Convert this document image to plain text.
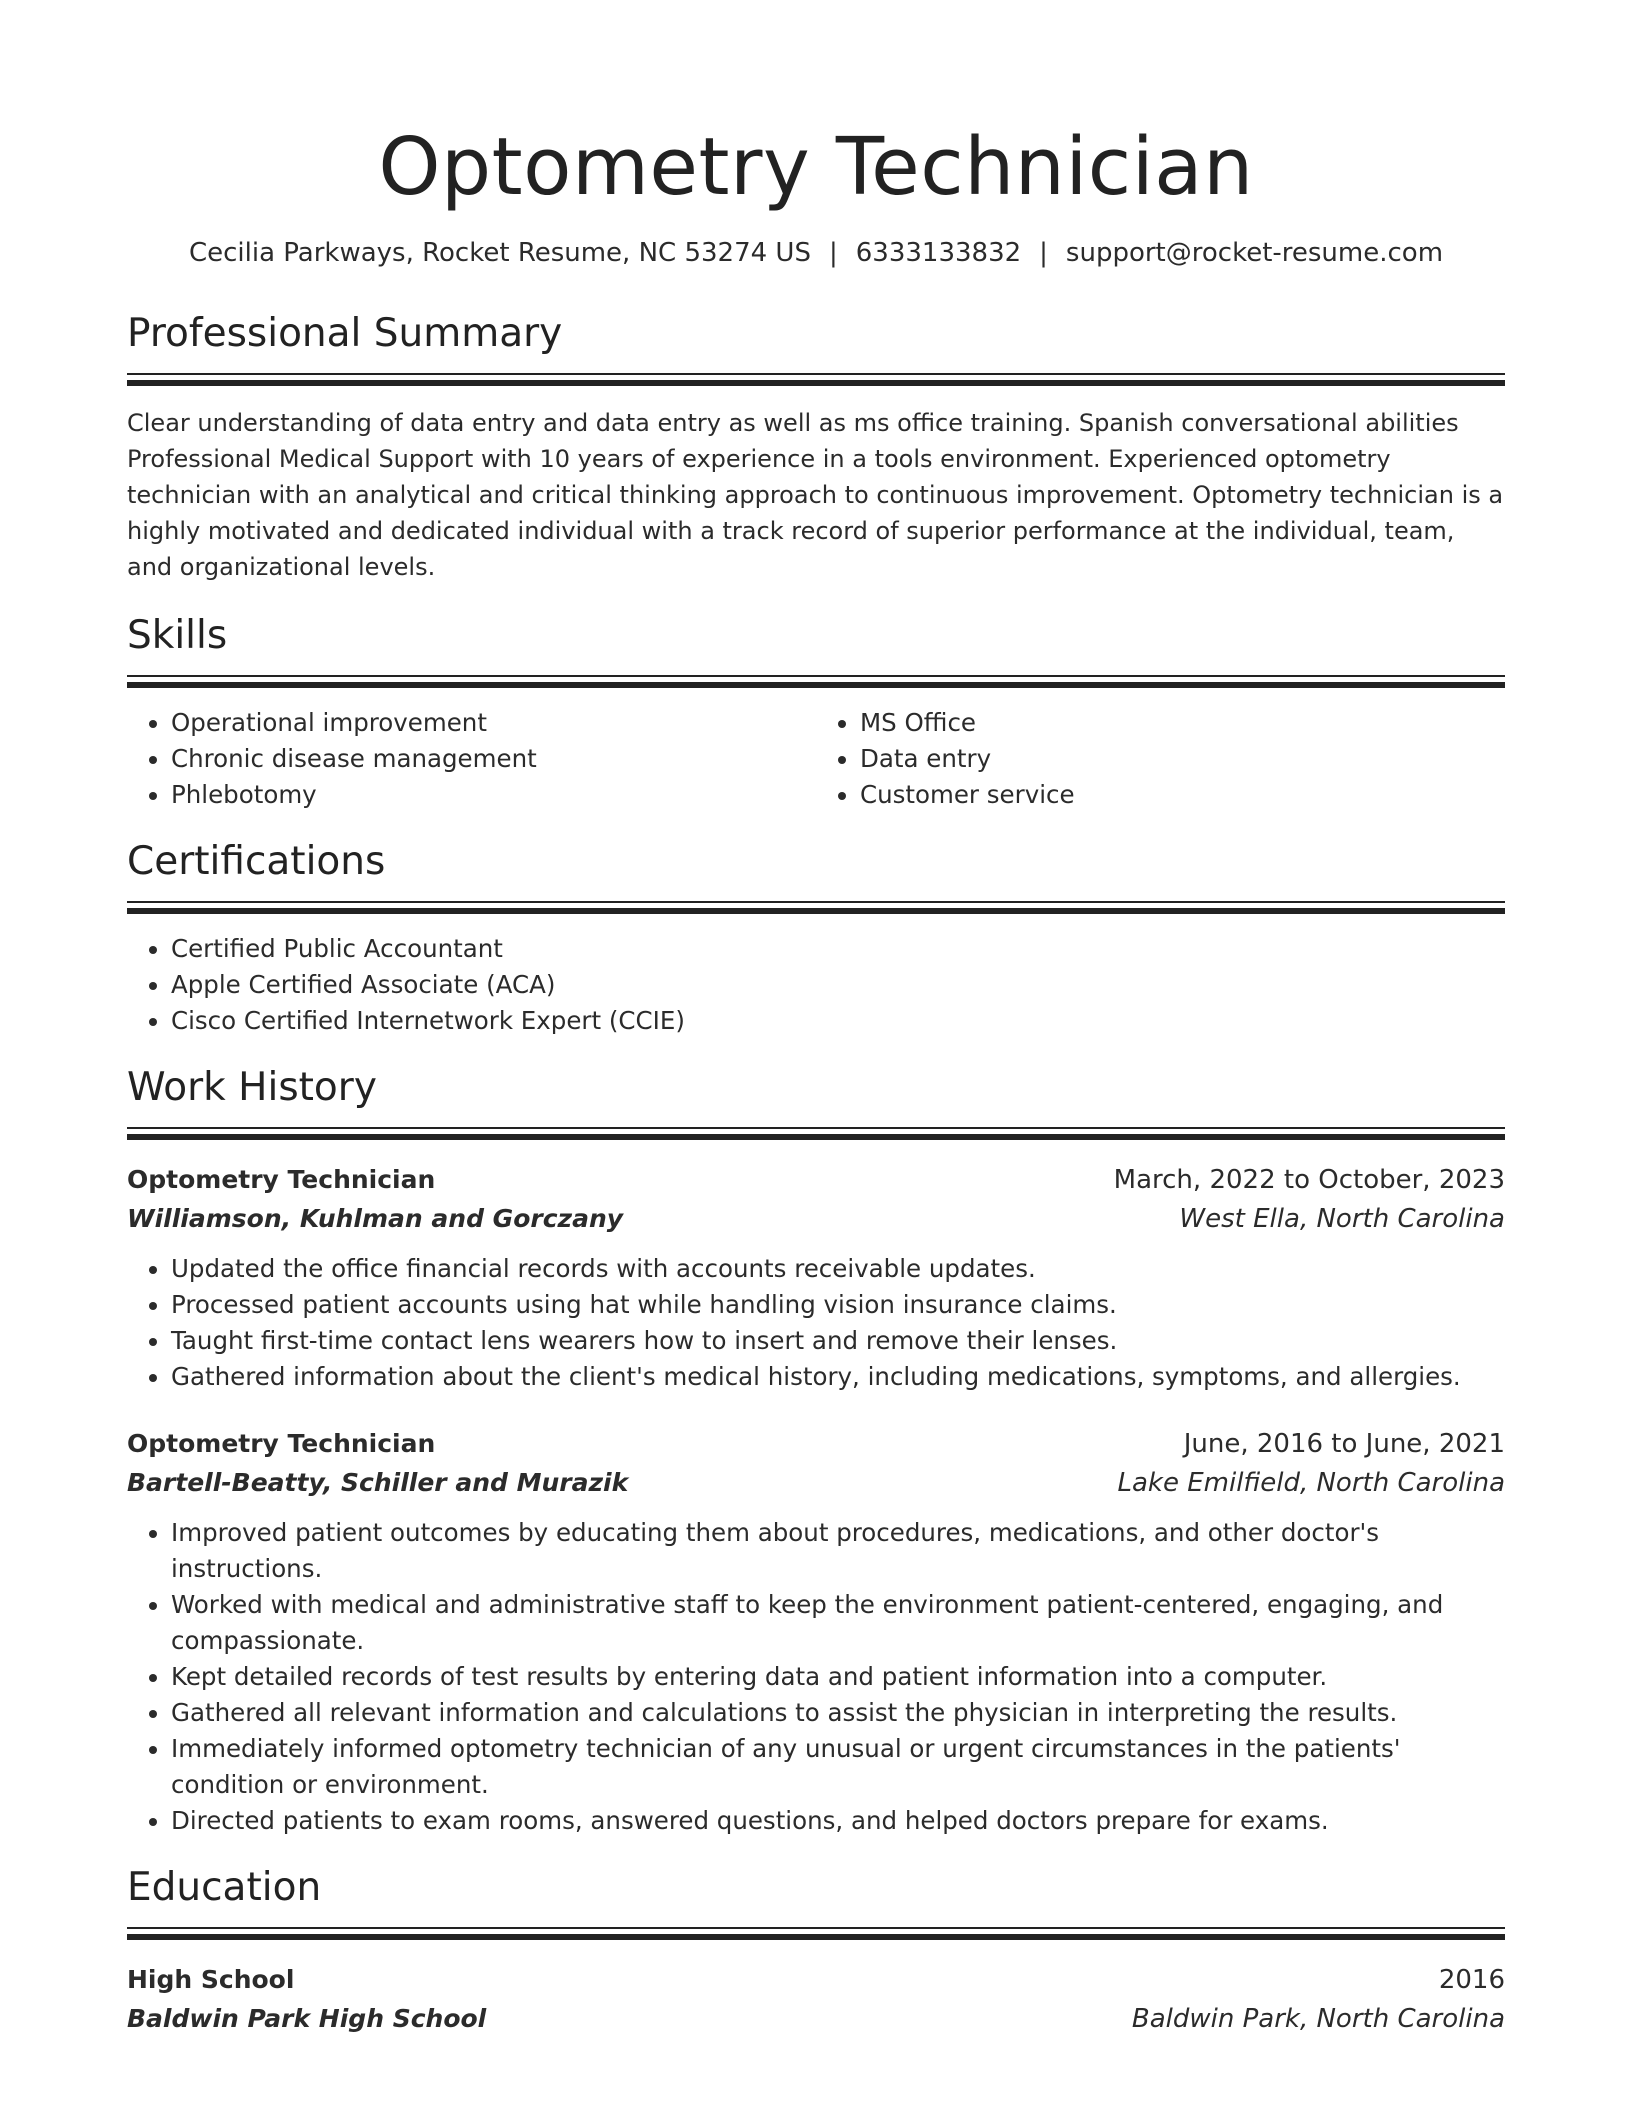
Optometry Technician
Cecilia Parkways, Rocket Resume, NC 53274 US | 6333133832 | support@rocket-resume.com
Professional Summary
Clear understanding of data entry and data entry as well as ms office training. Spanish conversational abilities Professional Medical Support with 10 years of experience in a tools environment. Experienced optometry technician with an analytical and critical thinking approach to continuous improvement. Optometry technician is a highly motivated and dedicated individual with a track record of superior performance at the individual, team, and organizational levels.
Skills
• Operational improvement
• Chronic disease management
• Phlebotomy
• MS Office
• Data entry
• Customer service
Certifications
• Certified Public Accountant
• Apple Certified Associate (ACA)
• Cisco Certified Internetwork Expert (CCIE)
Work History
Optometry Technician	March, 2022 to October, 2023
Williamson, Kuhlman and Gorczany	West Ella, North Carolina
• Updated the office financial records with accounts receivable updates.
• Processed patient accounts using hat while handling vision insurance claims.
• Taught first-time contact lens wearers how to insert and remove their lenses.
• Gathered information about the client's medical history, including medications, symptoms, and allergies.
Optometry Technician	June, 2016 to June, 2021
Bartell-Beatty, Schiller and Murazik	Lake Emilfield, North Carolina
• Improved patient outcomes by educating them about procedures, medications, and other doctor's instructions.
• Worked with medical and administrative staff to keep the environment patient-centered, engaging, and compassionate.
• Kept detailed records of test results by entering data and patient information into a computer.
• Gathered all relevant information and calculations to assist the physician in interpreting the results.
• Immediately informed optometry technician of any unusual or urgent circumstances in the patients' condition or environment.
• Directed patients to exam rooms, answered questions, and helped doctors prepare for exams.
Education
High School	2016
Baldwin Park High School	Baldwin Park, North Carolina
